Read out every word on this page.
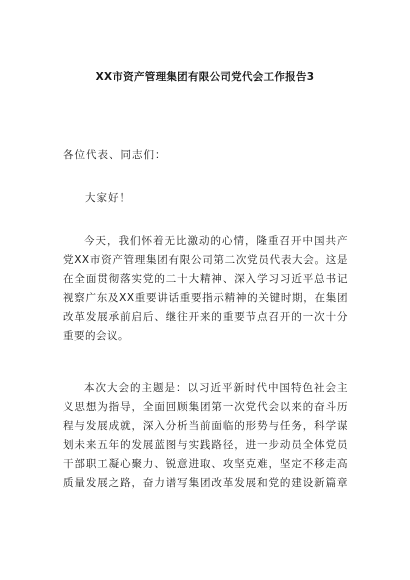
XX市资产管理集团有限公司党代会工作报告3
各位代表、同志们：
大家好！
今天，我们怀着无比激动的心情，隆重召开中国共产
党XX市资产管理集团有限公司第二次党员代表大会。这是
在全面贯彻落实党的二十大精神、深入学习习近平总书记
视察广东及XX重要讲话重要指示精神的关键时期，在集团
改革发展承前启后、继往开来的重要节点召开的一次十分
重要的会议。
本次大会的主题是：以习近平新时代中国特色社会主
义思想为指导，全面回顾集团第一次党代会以来的奋斗历
程与发展成就，深入分析当前面临的形势与任务，科学谋
划未来五年的发展蓝图与实践路径，进一步动员全体党员
干部职工凝心聚力、锐意进取、攻坚克难，坚定不移走高
质量发展之路，奋力谱写集团改革发展和党的建设新篇章
